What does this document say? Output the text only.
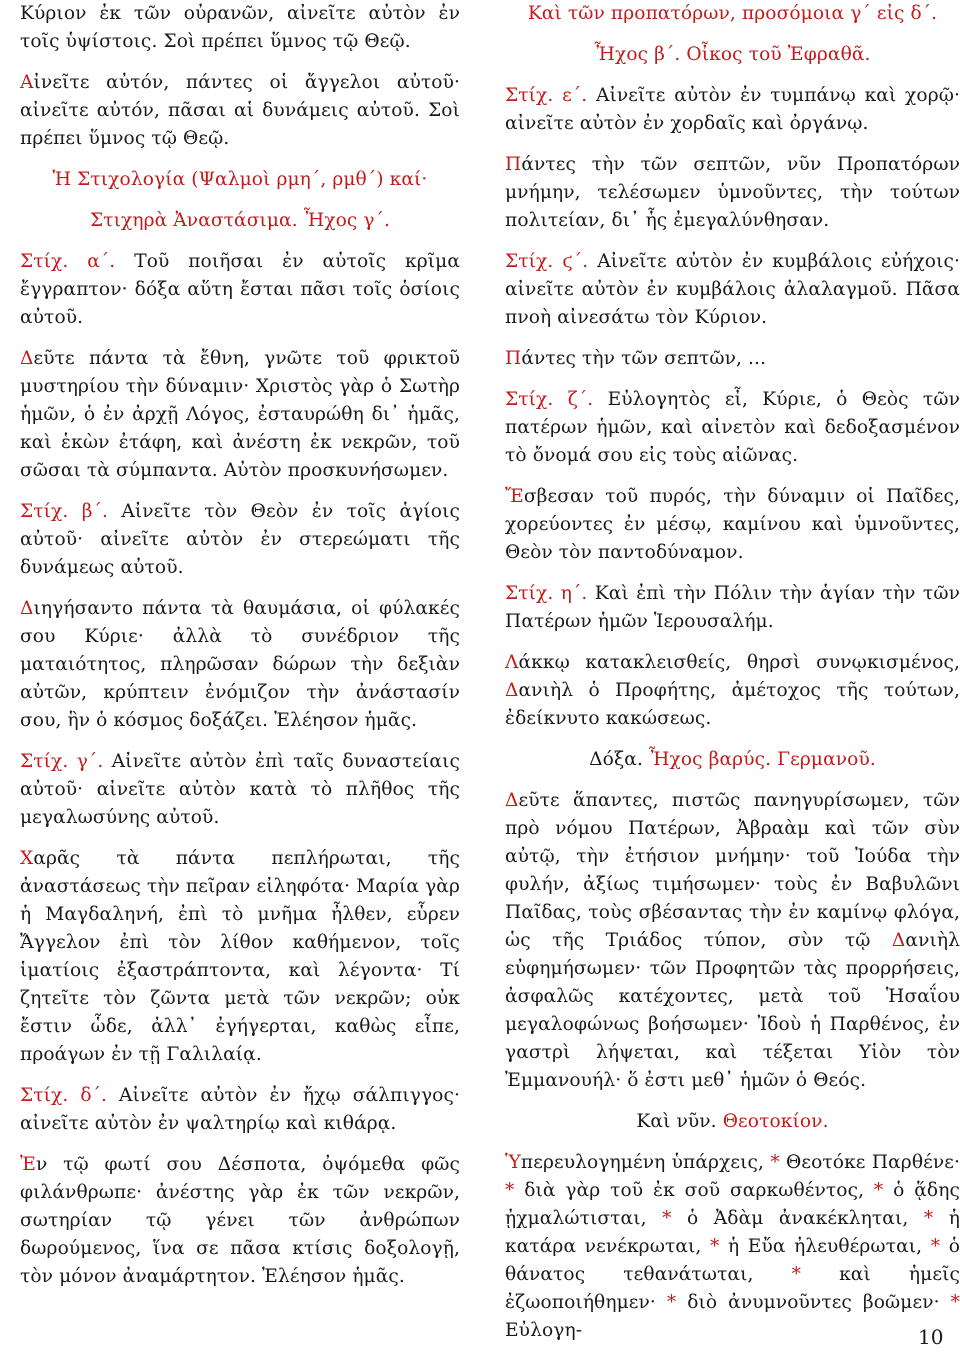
Κύριον ἐκ τῶν οὐρανῶν, αἰνεῖτε αὐτὸν ἐν τοῖς ὑψίστοις. Σοὶ πρέπει ὕμνος τῷ Θεῷ.

Αἰνεῖτε αὐτόν, πάντες οἱ ἄγγελοι αὐτοῦ· αἰνεῖτε αὐτόν, πᾶσαι αἱ δυνάμεις αὐτοῦ. Σοὶ πρέπει ὕμνος τῷ Θεῷ.

Ἡ Στιχολογία (Ψαλμοὶ ρμη΄, ρμθ΄) καί·

Στιχηρὰ Ἀναστάσιμα. Ἦχος γ΄.

Στίχ. α΄. Τοῦ ποιῆσαι ἐν αὐτοῖς κρῖμα ἔγγραπτον· δόξα αὕτη ἔσται πᾶσι τοῖς ὁσίοις αὐτοῦ.

Δεῦτε πάντα τὰ ἔθνη, γνῶτε τοῦ φρικτοῦ μυστηρίου τὴν δύναμιν· Χριστὸς γὰρ ὁ Σωτὴρ ἡμῶν, ὁ ἐν ἀρχῇ Λόγος, ἐσταυρώθη δι᾽ ἡμᾶς, καὶ ἑκὼν ἐτάφη, καὶ ἀνέστη ἐκ νεκρῶν, τοῦ σῶσαι τὰ σύμπαντα. Αὐτὸν προσκυνήσωμεν.

Στίχ. β΄. Αἰνεῖτε τὸν Θεὸν ἐν τοῖς ἁγίοις αὐτοῦ· αἰνεῖτε αὐτὸν ἐν στερεώματι τῆς δυνάμεως αὐτοῦ.

Διηγήσαντο πάντα τὰ θαυμάσια, οἱ φύλακές σου Κύριε· ἀλλὰ τὸ συνέδριον τῆς ματαιότητος, πληρῶσαν δώρων τὴν δεξιὰν αὐτῶν, κρύπτειν ἐνόμιζον τὴν ἀνάστασίν σου, ἣν ὁ κόσμος δοξάζει. Ἐλέησον ἡμᾶς.

Στίχ. γ΄. Αἰνεῖτε αὐτὸν ἐπὶ ταῖς δυναστείαις αὐτοῦ· αἰνεῖτε αὐτὸν κατὰ τὸ πλῆθος τῆς μεγαλωσύνης αὐτοῦ.

Χαρᾶς τὰ πάντα πεπλήρωται, τῆς ἀναστάσεως τὴν πεῖραν εἰληφότα· Μαρία γὰρ ἡ Μαγδαληνή, ἐπὶ τὸ μνῆμα ἦλθεν, εὗρεν Ἄγγελον ἐπὶ τὸν λίθον καθήμενον, τοῖς ἱματίοις ἐξαστράπτοντα, καὶ λέγοντα· Τί ζητεῖτε τὸν ζῶντα μετὰ τῶν νεκρῶν; οὐκ ἔστιν ὧδε, ἀλλ᾽ ἐγήγερται, καθὼς εἶπε, προάγων ἐν τῇ Γαλιλαίᾳ.

Στίχ. δ΄. Αἰνεῖτε αὐτὸν ἐν ἤχῳ σάλπιγγος· αἰνεῖτε αὐτὸν ἐν ψαλτηρίῳ καὶ κιθάρᾳ.

Ἐν τῷ φωτί σου Δέσποτα, ὀψόμεθα φῶς φιλάνθρωπε· ἀνέστης γὰρ ἐκ τῶν νεκρῶν, σωτηρίαν τῷ γένει τῶν ἀνθρώπων δωρούμενος, ἵνα σε πᾶσα κτίσις δοξολογῇ, τὸν μόνον ἀναμάρτητον. Ἐλέησον ἡμᾶς.

Καὶ τῶν προπατόρων, προσόμοια γ΄ εἰς δ΄.

Ἦχος β΄. Οἶκος τοῦ Ἐφραθᾶ.

Στίχ. ε΄. Αἰνεῖτε αὐτὸν ἐν τυμπάνῳ καὶ χορῷ· αἰνεῖτε αὐτὸν ἐν χορδαῖς καὶ ὀργάνῳ.

Πάντες τὴν τῶν σεπτῶν, νῦν Προπατόρων μνήμην, τελέσωμεν ὑμνοῦντες, τὴν τούτων πολιτείαν, δι᾽ ἧς ἐμεγαλύνθησαν.

Στίχ. ϛ΄. Αἰνεῖτε αὐτὸν ἐν κυμβάλοις εὐήχοις· αἰνεῖτε αὐτὸν ἐν κυμβάλοις ἀλαλαγμοῦ. Πᾶσα πνοὴ αἰνεσάτω τὸν Κύριον.

Πάντες τὴν τῶν σεπτῶν, ...

Στίχ. ζ΄. Εὐλογητὸς εἶ, Κύριε, ὁ Θεὸς τῶν πατέρων ἡμῶν, καὶ αἰνετὸν καὶ δεδοξασμένον τὸ ὄνομά σου εἰς τοὺς αἰῶνας.

Ἔσβεσαν τοῦ πυρός, τὴν δύναμιν οἱ Παῖδες, χορεύοντες ἐν μέσῳ, καμίνου καὶ ὑμνοῦντες, Θεὸν τὸν παντοδύναμον.

Στίχ. η΄. Καὶ ἐπὶ τὴν Πόλιν τὴν ἁγίαν τὴν τῶν Πατέρων ἡμῶν Ἱερουσαλήμ.

Λάκκῳ κατακλεισθείς, θηρσὶ συνῳκισμένος, Δανιὴλ ὁ Προφήτης, ἀμέτοχος τῆς τούτων, ἐδείκνυτο κακώσεως.

Δόξα. Ἦχος βαρύς. Γερμανοῦ.

Δεῦτε ἅπαντες, πιστῶς πανηγυρίσωμεν, τῶν πρὸ νόμου Πατέρων, Ἀβραὰμ καὶ τῶν σὺν αὐτῷ, τὴν ἐτήσιον μνήμην· τοῦ Ἰούδα τὴν φυλήν, ἀξίως τιμήσωμεν· τοὺς ἐν Βαβυλῶνι Παῖδας, τοὺς σβέσαντας τὴν ἐν καμίνῳ φλόγα, ὡς τῆς Τριάδος τύπον, σὺν τῷ Δανιὴλ εὐφημήσωμεν· τῶν Προφητῶν τὰς προρρήσεις, ἀσφαλῶς κατέχοντες, μετὰ τοῦ Ἡσαΐου μεγαλοφώνως βοήσωμεν· Ἰδοὺ ἡ Παρθένος, ἐν γαστρὶ λήψεται, καὶ τέξεται Υἱὸν τὸν Ἐμμανουήλ· ὅ ἐστι μεθ᾽ ἡμῶν ὁ Θεός.

Καὶ νῦν. Θεοτοκίον.

Ὑπερευλογημένη ὑπάρχεις, * Θεοτόκε Παρθένε· * διὰ γὰρ τοῦ ἐκ σοῦ σαρκωθέντος, * ὁ ᾅδης ᾐχμαλώτισται, * ὁ Ἀδὰμ ἀνακέκληται, * ἡ κατάρα νενέκρωται, * ἡ Εὔα ἠλευθέρωται, * ὁ θάνατος τεθανάτωται, * καὶ ἡμεῖς ἐζωοποιήθημεν· * διὸ ἀνυμνοῦντες βοῶμεν· * Εὐλογη-	10
